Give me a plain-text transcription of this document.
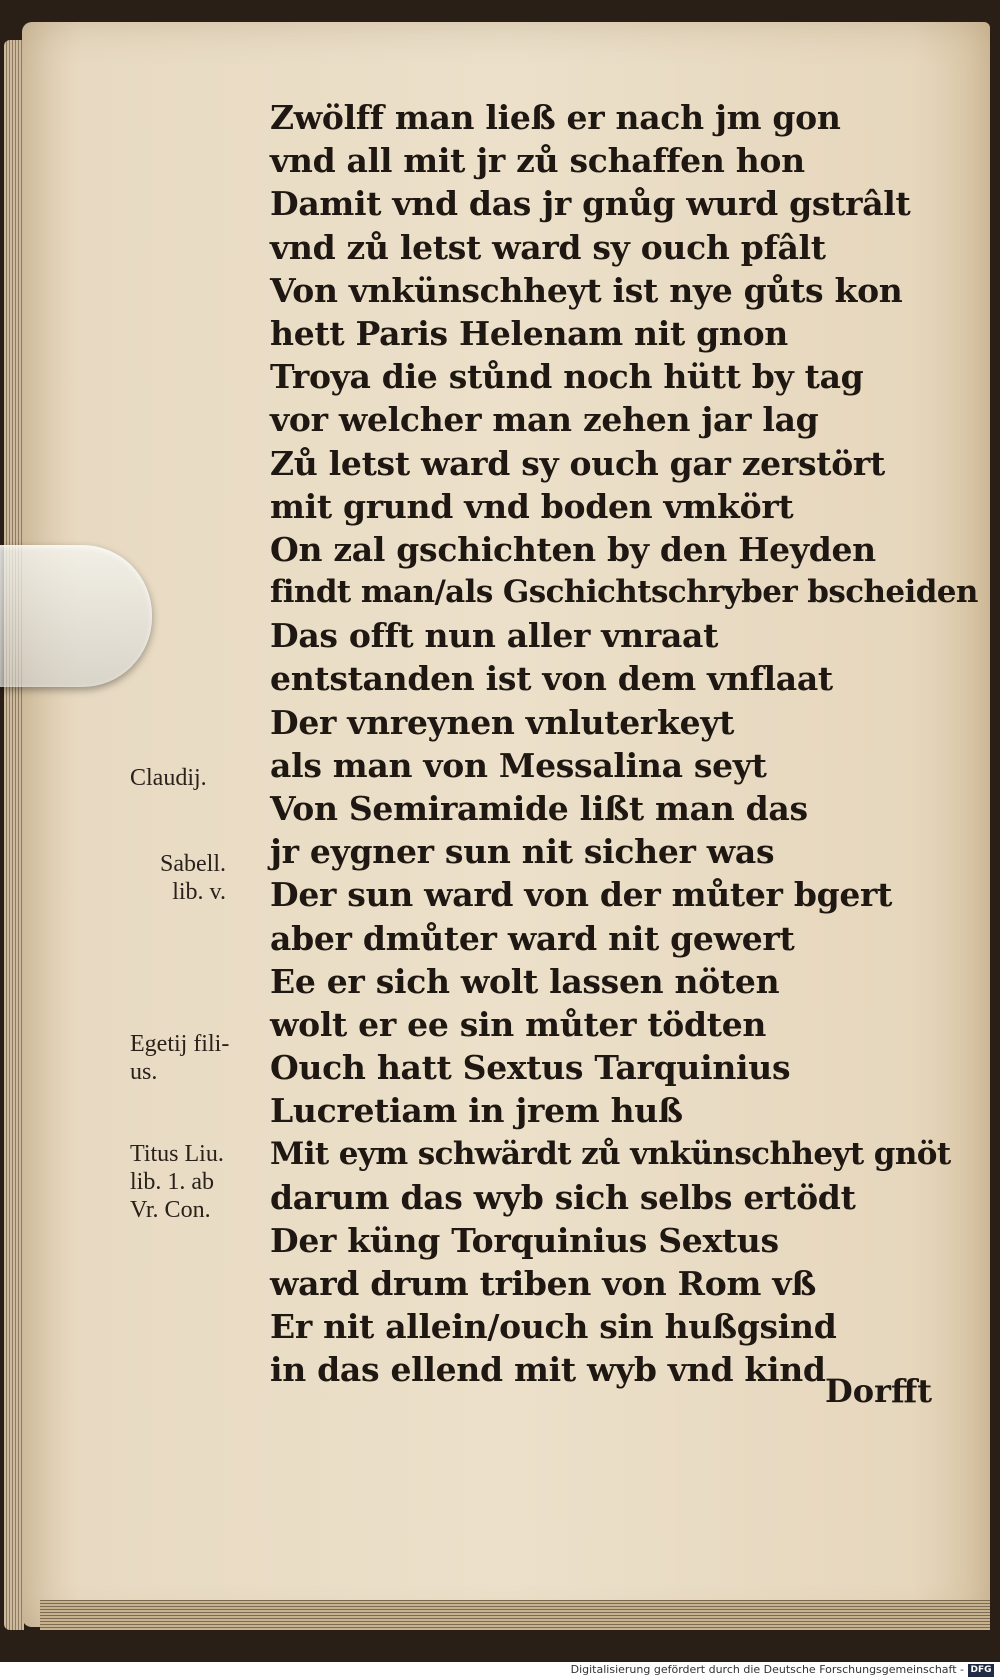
Zwölff man ließ er nach jm gon
vnd all mit jr zů schaffen hon
Damit vnd das jr gnůg wurd gstrâlt
vnd zů letst ward sy ouch pfâlt
Von vnkünschheyt ist nye gůts kon
hett Paris Helenam nit gnon
Troya die stůnd noch hütt by tag
vor welcher man zehen jar lag
Zů letst ward sy ouch gar zerstört
mit grund vnd boden vmkört
On zal gschichten by den Heyden
findt man/als Gschichtschryber bscheiden
Das offt nun aller vnraat
entstanden ist von dem vnflaat
Der vnreynen vnluterkeyt
als man von Messalina seyt
Von Semiramide lißt man das
jr eygner sun nit sicher was
Der sun ward von der můter bgert
aber dmůter ward nit gewert
Ee er sich wolt lassen nöten
wolt er ee sin můter tödten
Ouch hatt Sextus Tarquinius
Lucretiam in jrem huß
Mit eym schwärdt zů vnkünschheyt gnöt
darum das wyb sich selbs ertödt
Der küng Torquinius Sextus
ward drum triben von Rom vß
Er nit allein/ouch sin hußgsind
in das ellend mit wyb vnd kind
Claudij.
Sabell.
lib. v.
Egetij fili-
us.
Titus Liu.
lib. 1. ab
Vr. Con.
Dorfft
Digitalisierung gefördert durch die Deutsche Forschungsgemeinschaft - DFG
